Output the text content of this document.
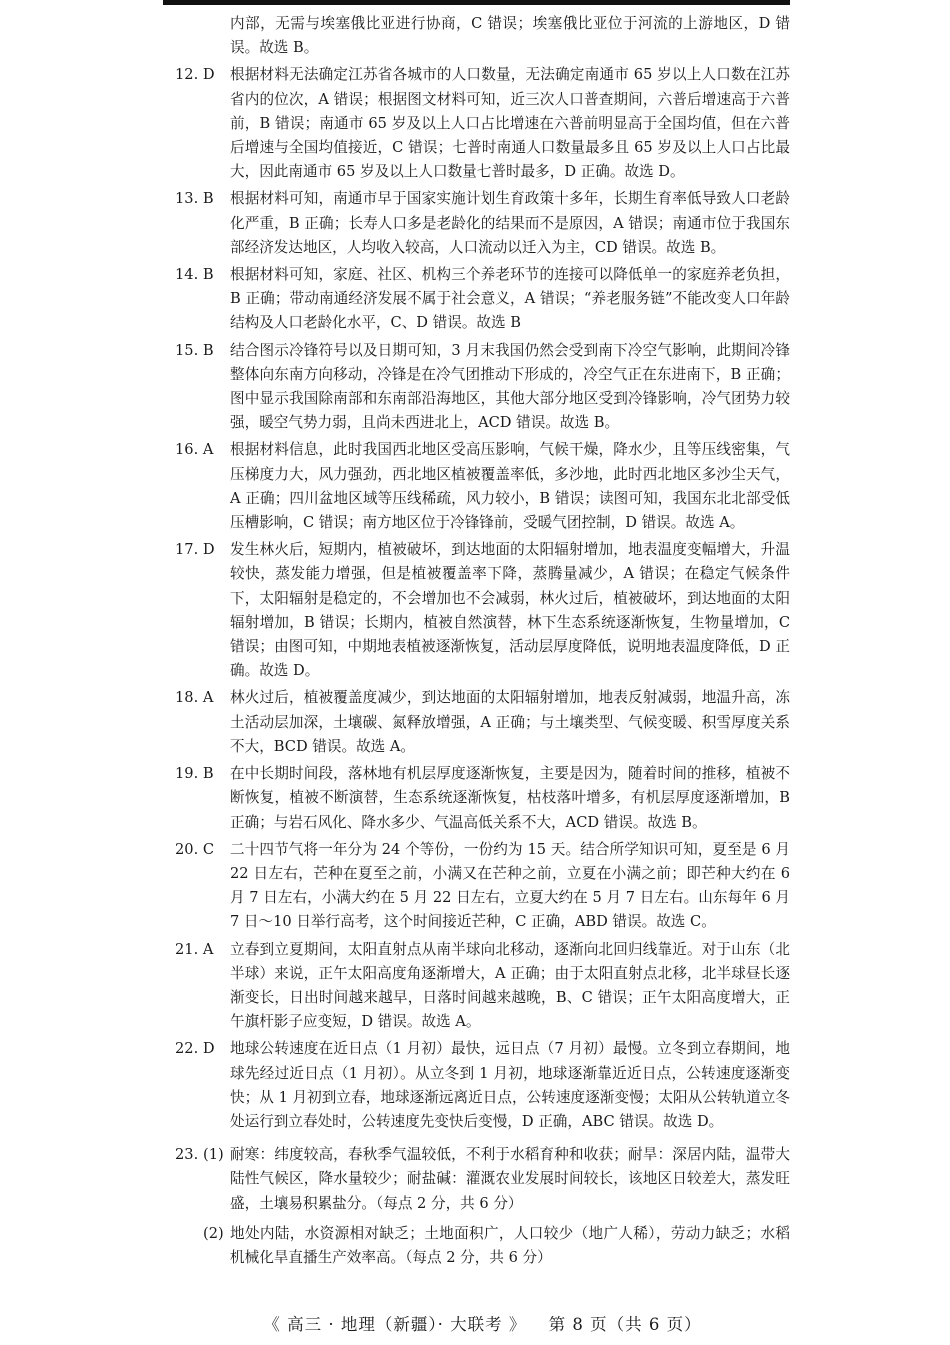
内部，无需与埃塞俄比亚进行协商，C 错误；埃塞俄比亚位于河流的上游地区，D 错误。故选 B。
12. D	根据材料无法确定江苏省各城市的人口数量，无法确定南通市 65 岁以上人口数在江苏省内的位次，A 错误；根据图文材料可知，近三次人口普查期间，六普后增速高于六普前，B 错误；南通市 65 岁及以上人口占比增速在六普前明显高于全国均值，但在六普后增速与全国均值接近，C 错误；七普时南通人口数量最多且 65 岁及以上人口占比最大，因此南通市 65 岁及以上人口数量七普时最多，D 正确。故选 D。
13. B	根据材料可知，南通市早于国家实施计划生育政策十多年，长期生育率低导致人口老龄化严重，B 正确；长寿人口多是老龄化的结果而不是原因，A 错误；南通市位于我国东部经济发达地区，人均收入较高，人口流动以迁入为主，CD 错误。故选 B。
14. B	根据材料可知，家庭、社区、机构三个养老环节的连接可以降低单一的家庭养老负担，B 正确；带动南通经济发展不属于社会意义，A 错误；“养老服务链”不能改变人口年龄结构及人口老龄化水平，C、D 错误。故选 B
15. B	结合图示冷锋符号以及日期可知，3 月末我国仍然会受到南下冷空气影响，此期间冷锋整体向东南方向移动，冷锋是在冷气团推动下形成的，冷空气正在东进南下，B 正确；图中显示我国除南部和东南部沿海地区，其他大部分地区受到冷锋影响，冷气团势力较强，暖空气势力弱，且尚未西进北上，ACD 错误。故选 B。
16. A	根据材料信息，此时我国西北地区受高压影响，气候干燥，降水少，且等压线密集，气压梯度力大，风力强劲，西北地区植被覆盖率低，多沙地，此时西北地区多沙尘天气，A 正确；四川盆地区域等压线稀疏，风力较小，B 错误；读图可知，我国东北北部受低压槽影响，C 错误；南方地区位于冷锋锋前，受暖气团控制，D 错误。故选 A。
17. D	发生林火后，短期内，植被破坏，到达地面的太阳辐射增加，地表温度变幅增大，升温较快，蒸发能力增强，但是植被覆盖率下降，蒸腾量减少，A 错误；在稳定气候条件下，太阳辐射是稳定的，不会增加也不会减弱，林火过后，植被破坏，到达地面的太阳辐射增加，B 错误；长期内，植被自然演替，林下生态系统逐渐恢复，生物量增加，C 错误；由图可知，中期地表植被逐渐恢复，活动层厚度降低，说明地表温度降低，D 正确。故选 D。
18. A	林火过后，植被覆盖度减少，到达地面的太阳辐射增加，地表反射减弱，地温升高，冻土活动层加深，土壤碳、氮释放增强，A 正确；与土壤类型、气候变暖、积雪厚度关系不大，BCD 错误。故选 A。
19. B	在中长期时间段，落林地有机层厚度逐渐恢复，主要是因为，随着时间的推移，植被不断恢复，植被不断演替，生态系统逐渐恢复，枯枝落叶增多，有机层厚度逐渐增加，B 正确；与岩石风化、降水多少、气温高低关系不大，ACD 错误。故选 B。
20. C	二十四节气将一年分为 24 个等份，一份约为 15 天。结合所学知识可知，夏至是 6 月 22 日左右，芒种在夏至之前，小满又在芒种之前，立夏在小满之前；即芒种大约在 6 月 7 日左右，小满大约在 5 月 22 日左右，立夏大约在 5 月 7 日左右。山东每年 6 月 7 日～10 日举行高考，这个时间接近芒种，C 正确，ABD 错误。故选 C。
21. A	立春到立夏期间，太阳直射点从南半球向北移动，逐渐向北回归线靠近。对于山东（北半球）来说，正午太阳高度角逐渐增大，A 正确；由于太阳直射点北移，北半球昼长逐渐变长，日出时间越来越早，日落时间越来越晚，B、C 错误；正午太阳高度增大，正午旗杆影子应变短，D 错误。故选 A。
22. D	地球公转速度在近日点（1 月初）最快，远日点（7 月初）最慢。立冬到立春期间，地球先经过近日点（1 月初）。从立冬到 1 月初，地球逐渐靠近近日点，公转速度逐渐变快；从 1 月初到立春，地球逐渐远离近日点，公转速度逐渐变慢；太阳从公转轨道立冬处运行到立春处时，公转速度先变快后变慢，D 正确，ABC 错误。故选 D。
23. (1) 耐寒：纬度较高，春秋季气温较低，不利于水稻育种和收获；耐旱：深居内陆，温带大陆性气候区，降水量较少；耐盐碱：灌溉农业发展时间较长，该地区日较差大，蒸发旺盛，土壤易积累盐分。（每点 2 分，共 6 分）
(2) 地处内陆，水资源相对缺乏；土地面积广，人口较少（地广人稀），劳动力缺乏；水稻机械化旱直播生产效率高。（每点 2 分，共 6 分）
《 高三 · 地理（新疆）· 大联考 》 第 8 页（共 6 页）
